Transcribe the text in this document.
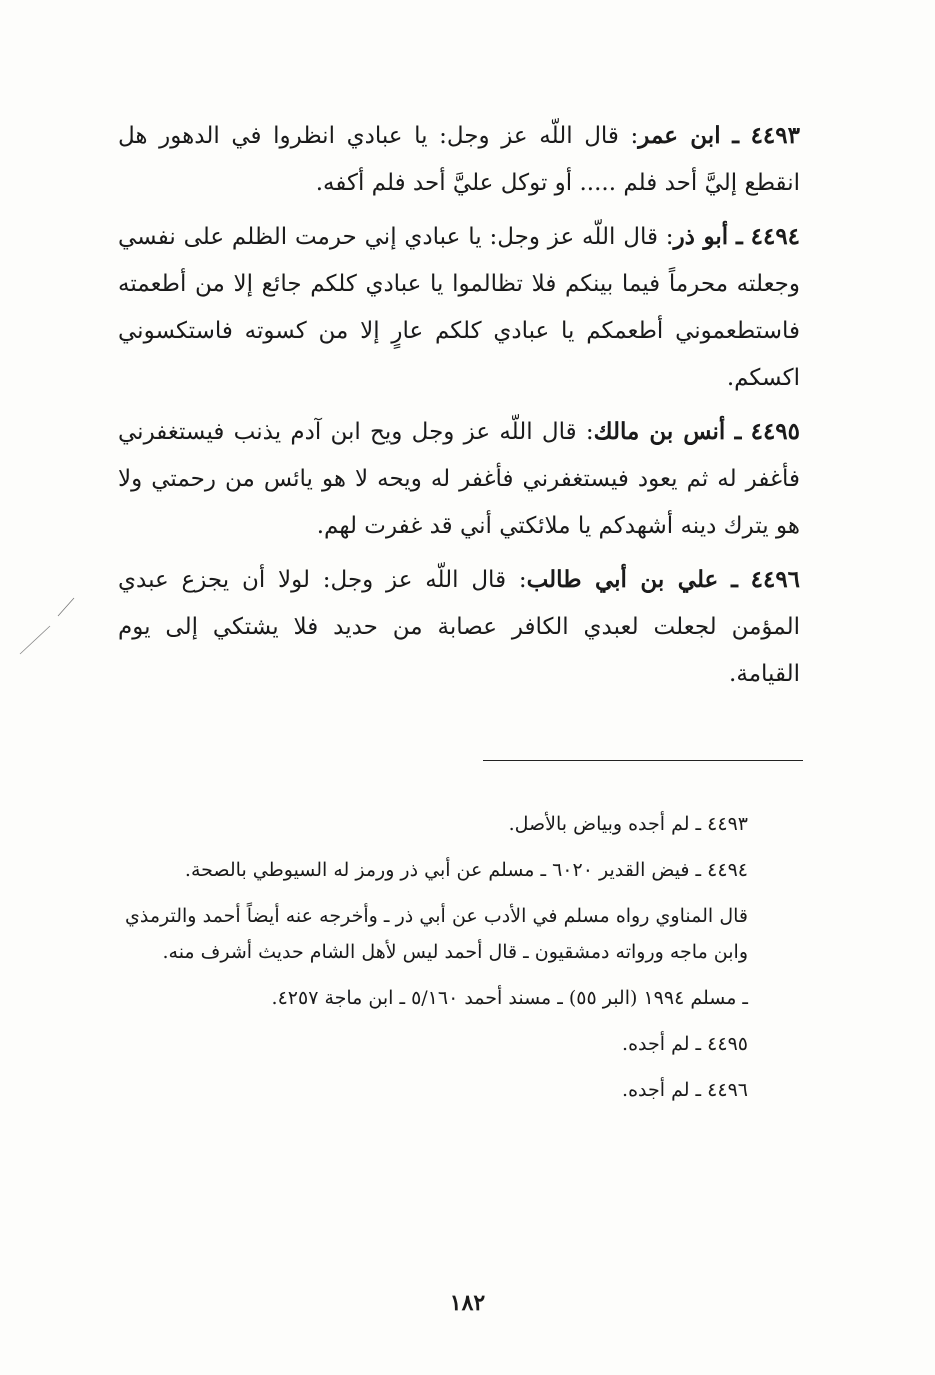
٤٤٩٣ ـ ابن عمر: قال اللّه عز وجل: يا عبادي انظروا في الدهور هل انقطع إليَّ أحد فلم ..... أو توكل عليَّ أحد فلم أكفه.

٤٤٩٤ ـ أبو ذر: قال اللّه عز وجل: يا عبادي إني حرمت الظلم على نفسي وجعلته محرماً فيما بينكم فلا تظالموا يا عبادي كلكم جائع إلا من أطعمته فاستطعموني أطعمكم يا عبادي كلكم عارٍ إلا من كسوته فاستكسوني اكسكم.

٤٤٩٥ ـ أنس بن مالك: قال اللّه عز وجل ويح ابن آدم يذنب فيستغفرني فأغفر له ثم يعود فيستغفرني فأغفر له ويحه لا هو يائس من رحمتي ولا هو يترك دينه أشهدكم يا ملائكتي أني قد غفرت لهم.

٤٤٩٦ ـ علي بن أبي طالب: قال اللّه عز وجل: لولا أن يجزع عبدي المؤمن لجعلت لعبدي الكافر عصابة من حديد فلا يشتكي إلى يوم القيامة.

٤٤٩٣ ـ لم أجده وبياض بالأصل.

٤٤٩٤ ـ فيض القدير ٦٠٢٠ ـ مسلم عن أبي ذر ورمز له السيوطي بالصحة.

قال المناوي رواه مسلم في الأدب عن أبي ذر ـ وأخرجه عنه أيضاً أحمد والترمذي وابن ماجه ورواته دمشقيون ـ قال أحمد ليس لأهل الشام حديث أشرف منه.

ـ مسلم ١٩٩٤ (البر ٥٥) ـ مسند أحمد ٥/١٦٠ ـ ابن ماجة ٤٢٥٧.

٤٤٩٥ ـ لم أجده.

٤٤٩٦ ـ لم أجده.

١٨٢
